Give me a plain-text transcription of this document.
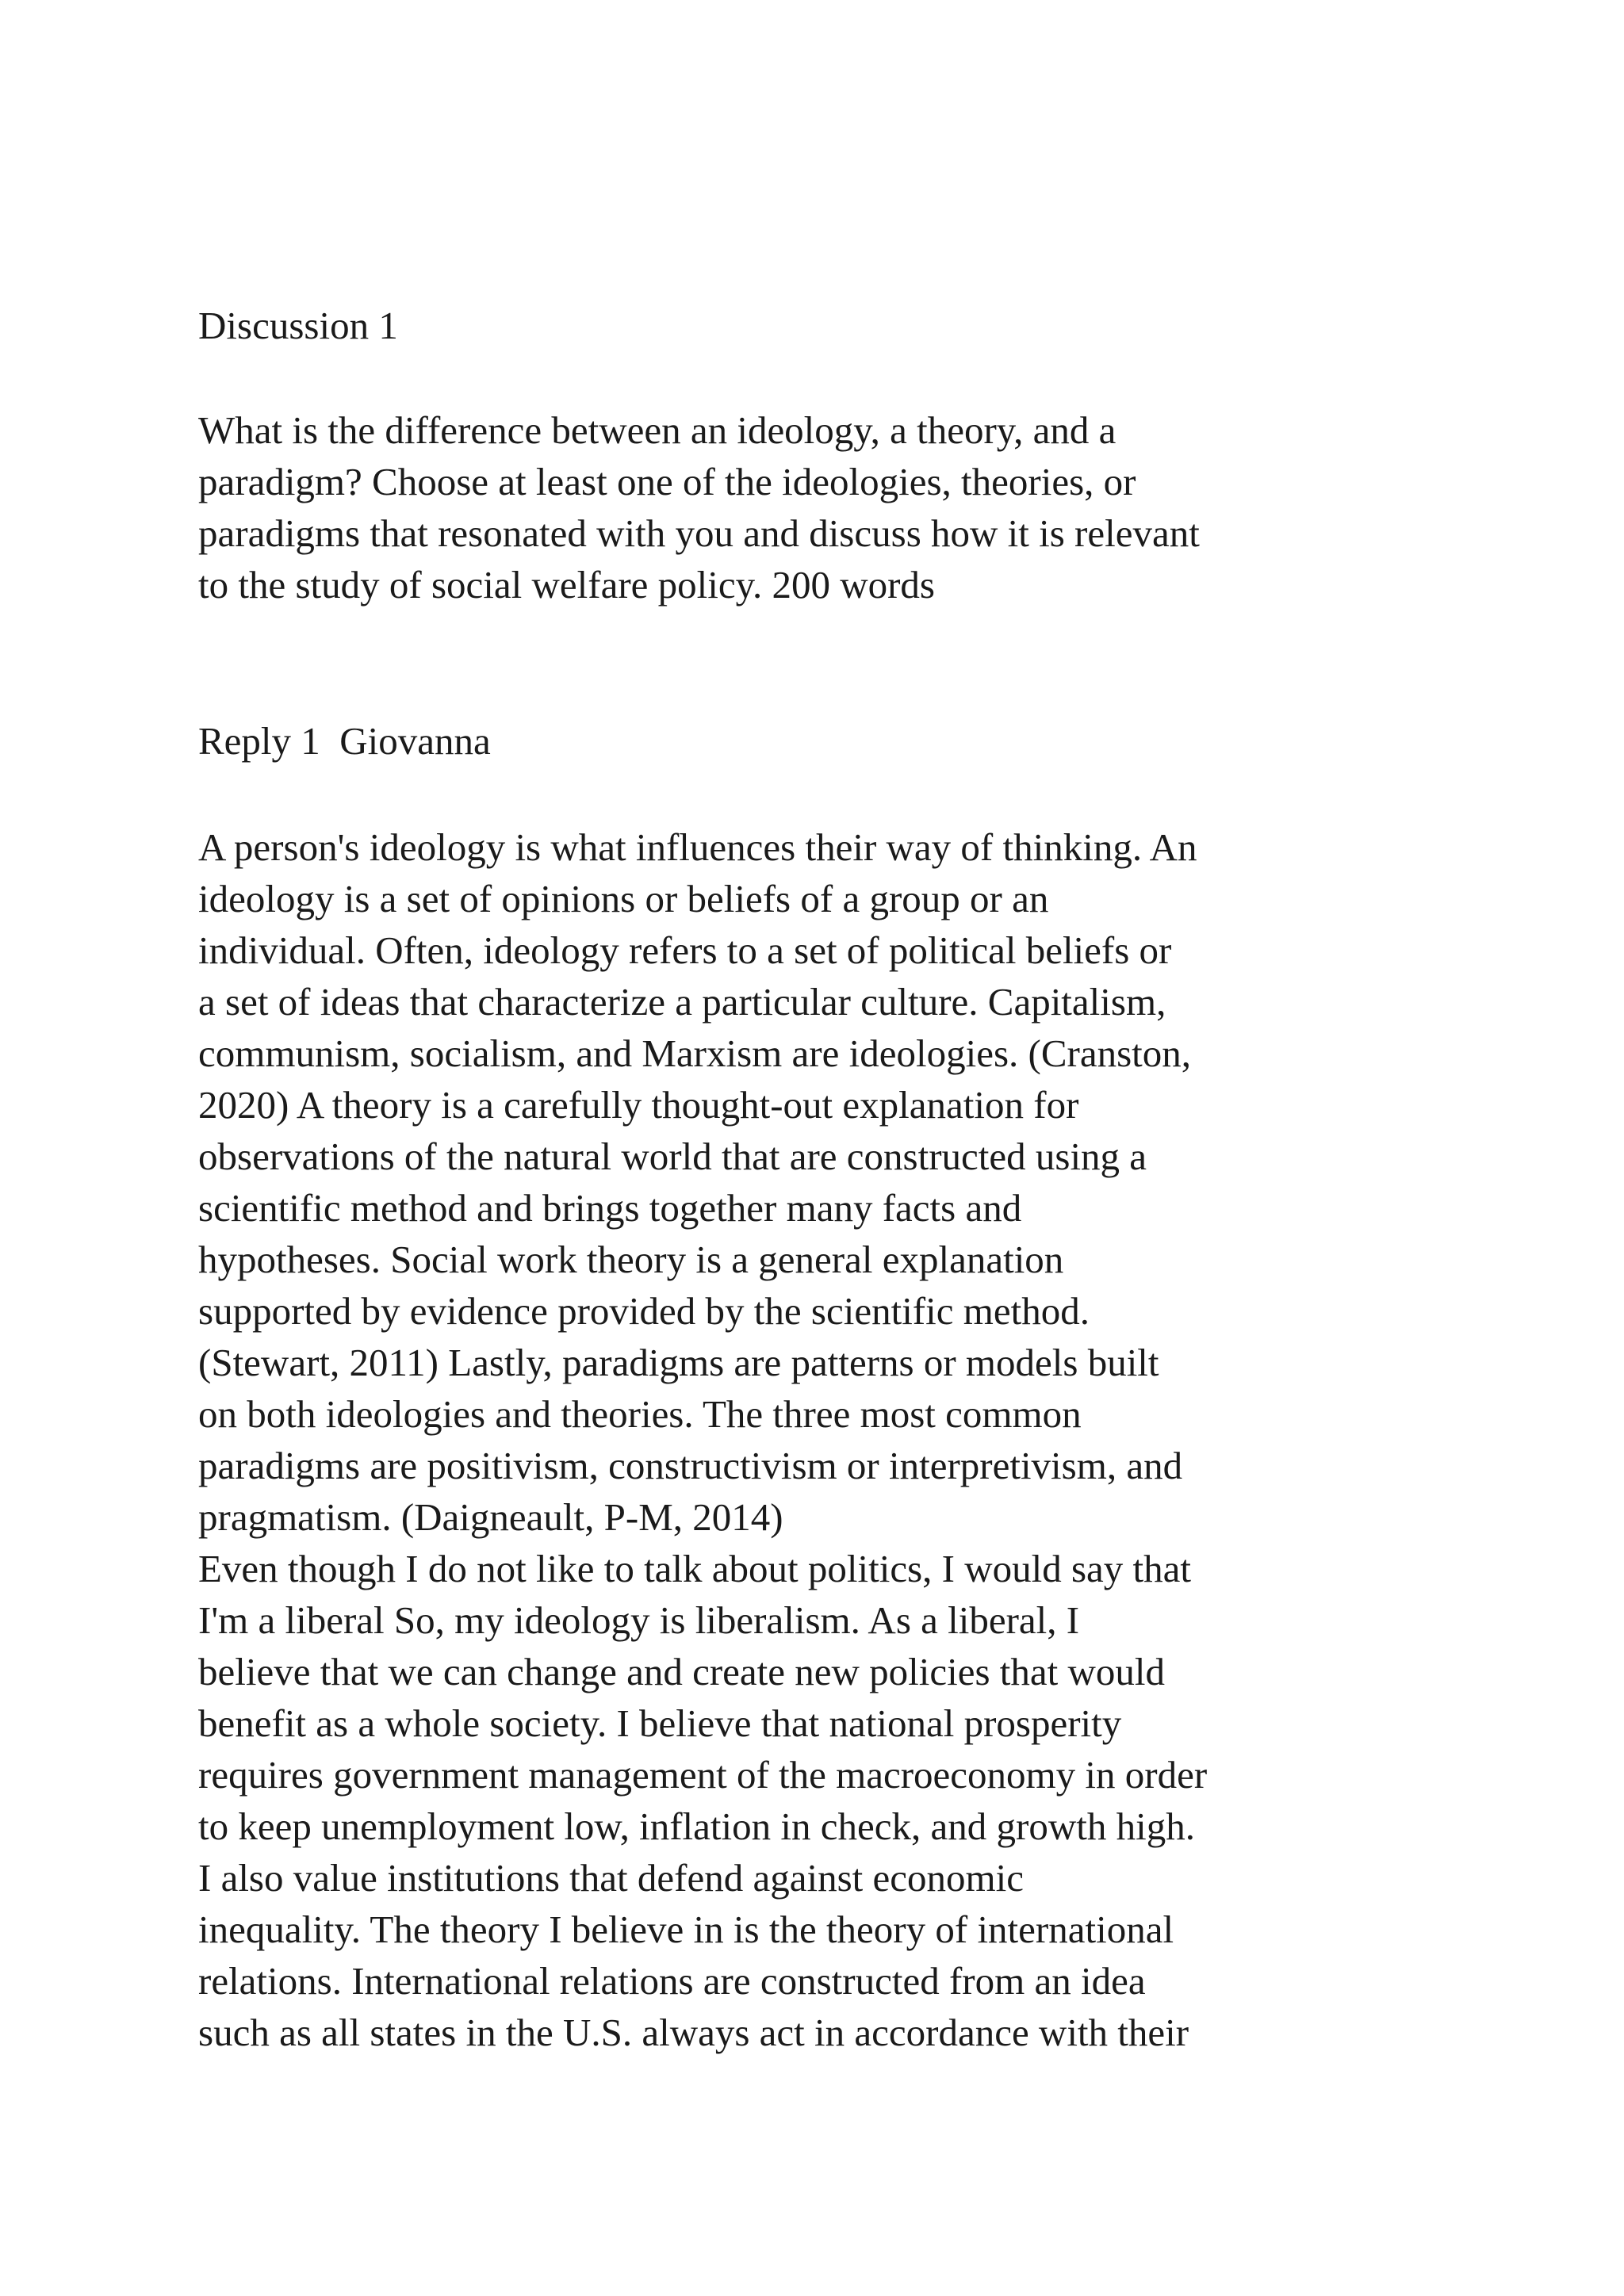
Discussion 1
What is the difference between an ideology, a theory, and a
paradigm? Choose at least one of the ideologies, theories, or
paradigms that resonated with you and discuss how it is relevant
to the study of social welfare policy. 200 words
Reply 1  Giovanna
A person's ideology is what influences their way of thinking. An
ideology is a set of opinions or beliefs of a group or an
individual. Often, ideology refers to a set of political beliefs or
a set of ideas that characterize a particular culture. Capitalism,
communism, socialism, and Marxism are ideologies. (Cranston,
2020) A theory is a carefully thought-out explanation for
observations of the natural world that are constructed using a
scientific method and brings together many facts and
hypotheses. Social work theory is a general explanation
supported by evidence provided by the scientific method.
(Stewart, 2011) Lastly, paradigms are patterns or models built
on both ideologies and theories. The three most common
paradigms are positivism, constructivism or interpretivism, and
pragmatism. (Daigneault, P-M, 2014)
Even though I do not like to talk about politics, I would say that
I'm a liberal So, my ideology is liberalism. As a liberal, I
believe that we can change and create new policies that would
benefit as a whole society. I believe that national prosperity
requires government management of the macroeconomy in order
to keep unemployment low, inflation in check, and growth high.
I also value institutions that defend against economic
inequality. The theory I believe in is the theory of international
relations. International relations are constructed from an idea
such as all states in the U.S. always act in accordance with their
